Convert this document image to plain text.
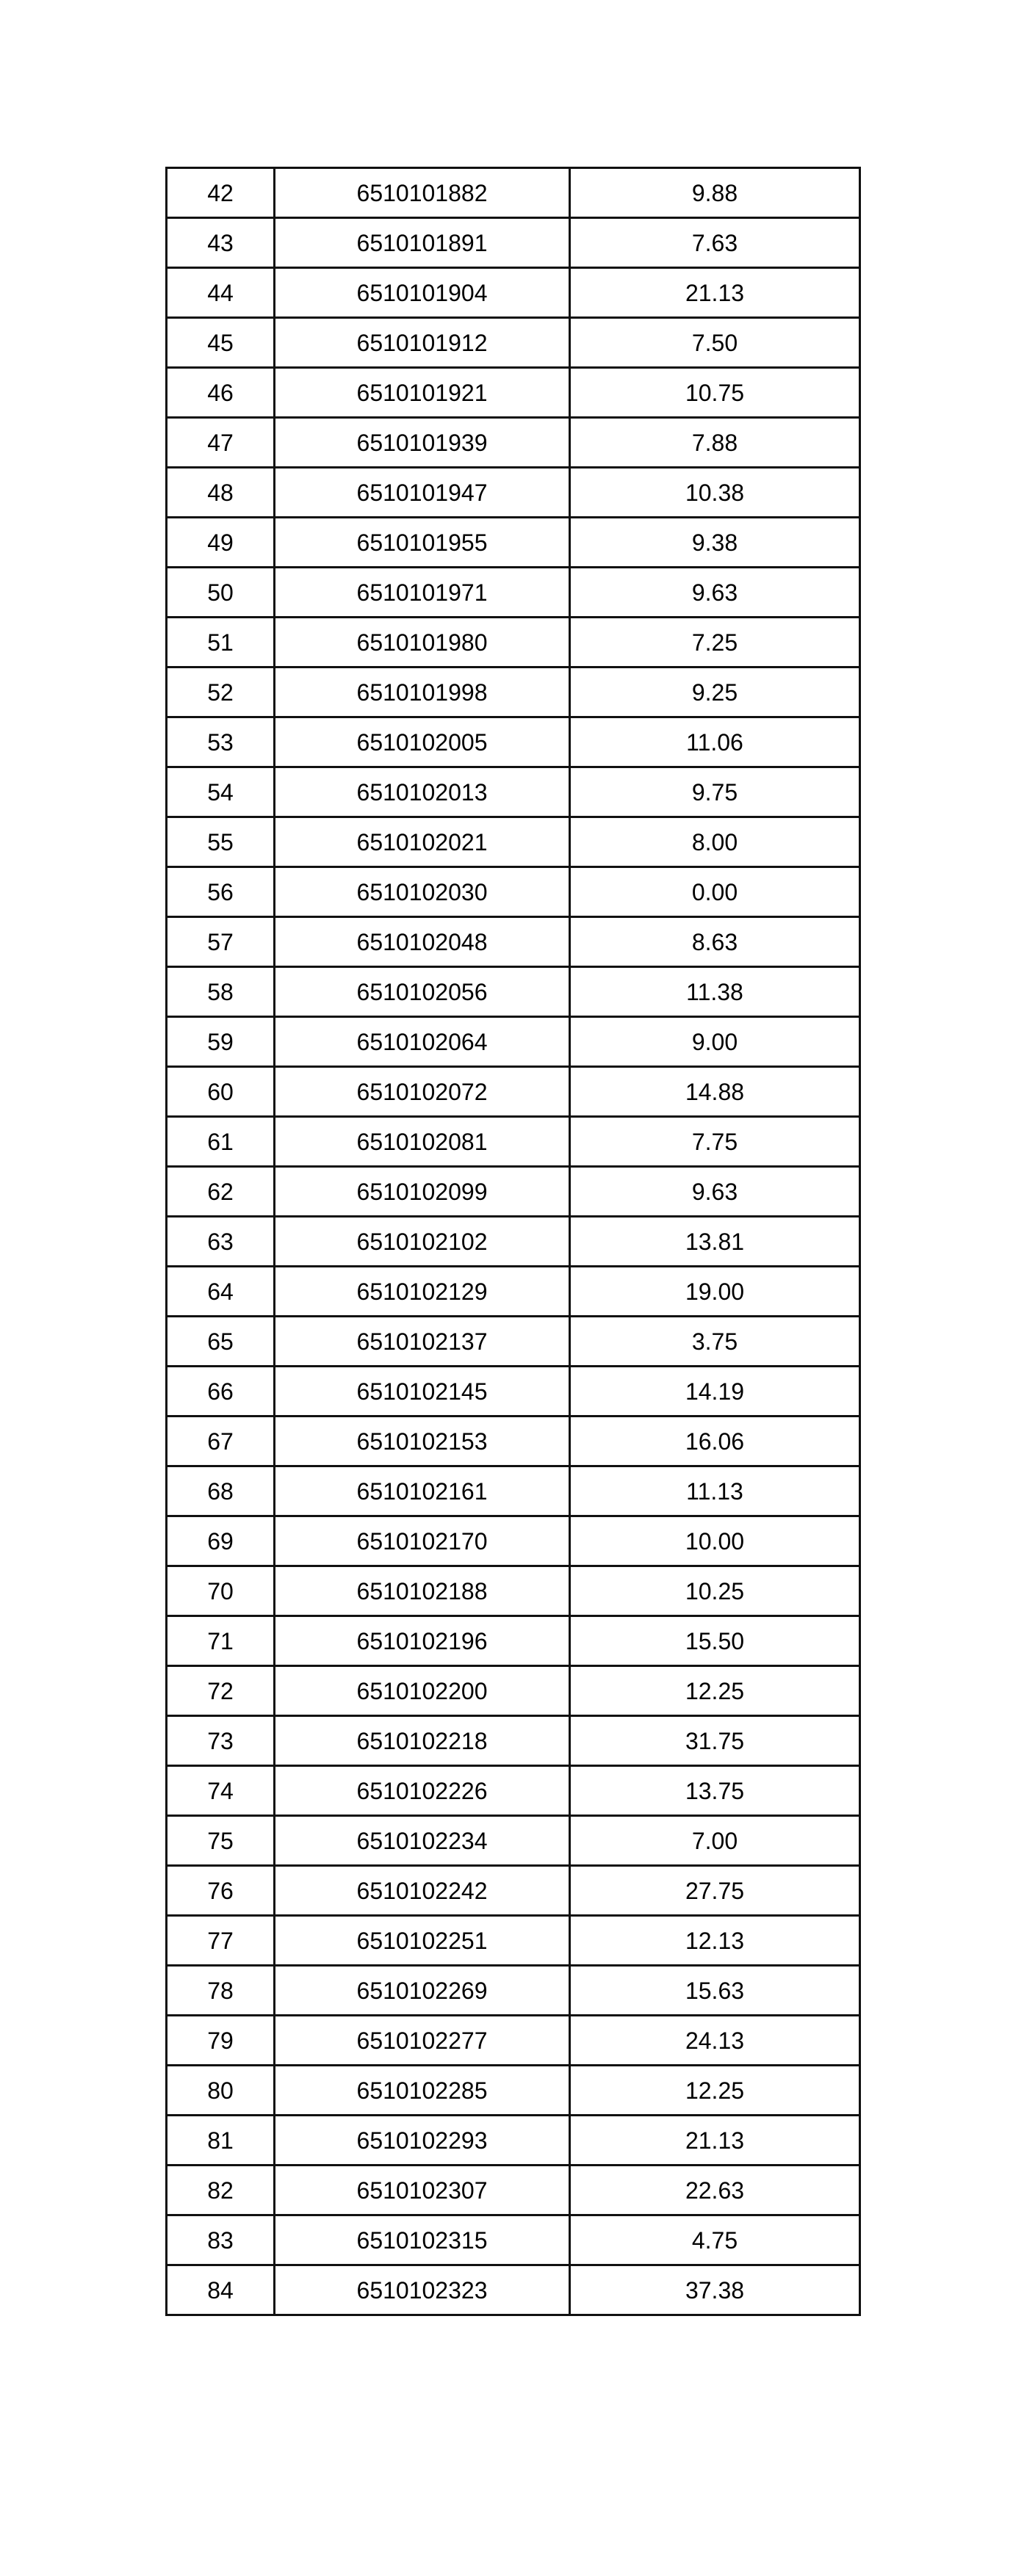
42	6510101882	9.88
43	6510101891	7.63
44	6510101904	21.13
45	6510101912	7.50
46	6510101921	10.75
47	6510101939	7.88
48	6510101947	10.38
49	6510101955	9.38
50	6510101971	9.63
51	6510101980	7.25
52	6510101998	9.25
53	6510102005	11.06
54	6510102013	9.75
55	6510102021	8.00
56	6510102030	0.00
57	6510102048	8.63
58	6510102056	11.38
59	6510102064	9.00
60	6510102072	14.88
61	6510102081	7.75
62	6510102099	9.63
63	6510102102	13.81
64	6510102129	19.00
65	6510102137	3.75
66	6510102145	14.19
67	6510102153	16.06
68	6510102161	11.13
69	6510102170	10.00
70	6510102188	10.25
71	6510102196	15.50
72	6510102200	12.25
73	6510102218	31.75
74	6510102226	13.75
75	6510102234	7.00
76	6510102242	27.75
77	6510102251	12.13
78	6510102269	15.63
79	6510102277	24.13
80	6510102285	12.25
81	6510102293	21.13
82	6510102307	22.63
83	6510102315	4.75
84	6510102323	37.38
